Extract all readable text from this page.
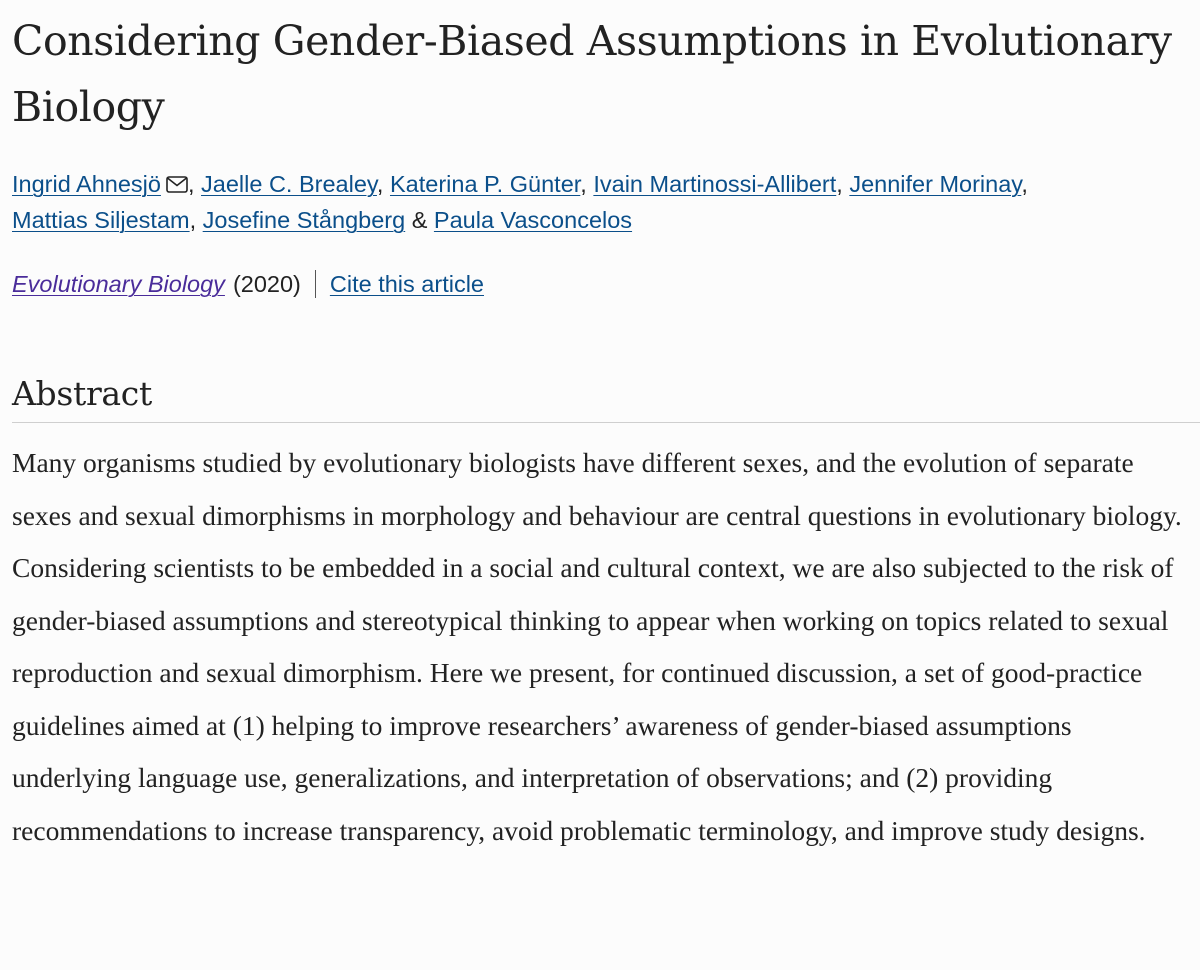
Considering Gender-Biased Assumptions in Evolutionary Biology
Ingrid Ahnesjö , Jaelle C. Brealey, Katerina P. Günter, Ivain Martinossi-Allibert, Jennifer Morinay,
Mattias Siljestam, Josefine Stångberg & Paula Vasconcelos
Evolutionary Biology (2020) Cite this article
Abstract

Many organisms studied by evolutionary biologists have different sexes, and the evolution of separate sexes and sexual dimorphisms in morphology and behaviour are central questions in evolutionary biology. Considering scientists to be embedded in a social and cultural context, we are also subjected to the risk of gender-biased assumptions and stereotypical thinking to appear when working on topics related to sexual reproduction and sexual dimorphism. Here we present, for continued discussion, a set of good-practice guidelines aimed at (1) helping to improve researchers’ awareness of gender-biased assumptions underlying language use, generalizations, and interpretation of observations; and (2) providing recommendations to increase transparency, avoid problematic terminology, and improve study designs.
